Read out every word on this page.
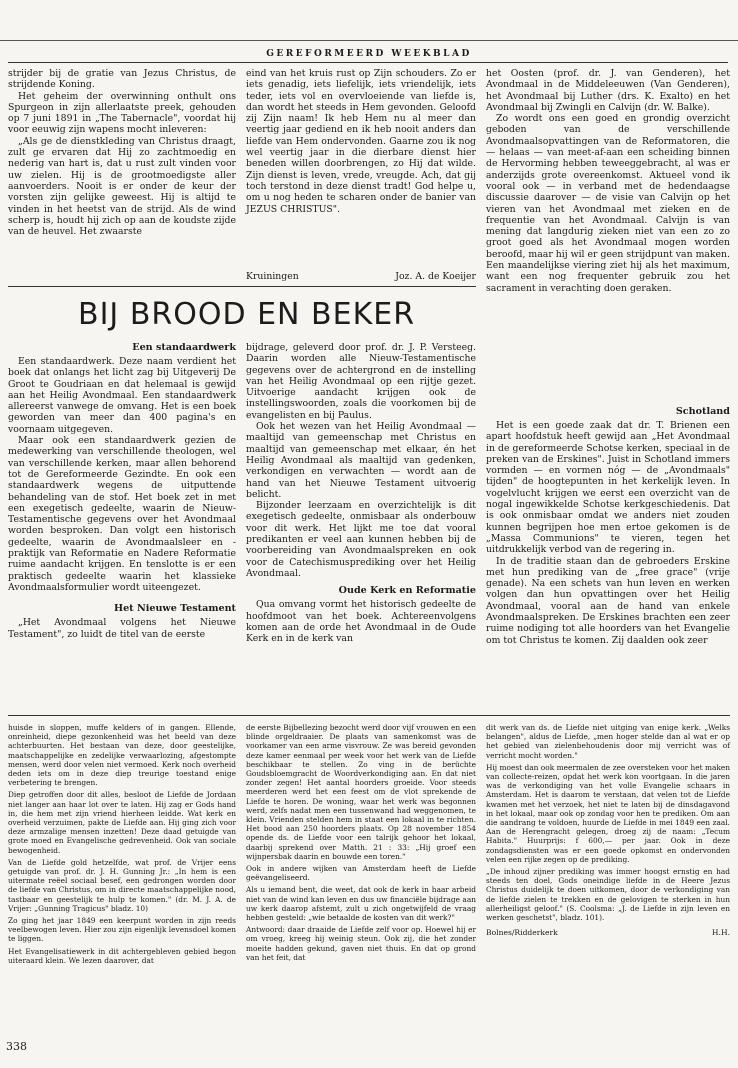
GEREFORMEERD WEEKBLAD

strijder bij de gratie van Jezus Christus, de strijdende Koning.

Het geheim der overwinning onthult ons Spurgeon in zijn allerlaatste preek, gehouden op 7 juni 1891 in „The Tabernacle", voordat hij voor eeuwig zijn wapens mocht inleveren:

„Als ge de dienstkleding van Christus draagt, zult ge ervaren dat Hij zo zachtmoedig en nederig van hart is, dat u rust zult vinden voor uw zielen. Hij is de grootmoedigste aller aanvoerders. Nooit is er onder de keur der vorsten zijn gelijke geweest. Hij is altijd te vinden in het heetst van de strijd. Als de wind scherp is, houdt hij zich op aan de koudste zijde van de heuvel. Het zwaarste

eind van het kruis rust op Zijn schouders. Zo er iets genadig, iets liefelijk, iets vriendelijk, iets teder, iets vol en overvloeiende van liefde is, dan wordt het steeds in Hem gevonden. Geloofd zij Zijn naam! Ik heb Hem nu al meer dan veertig jaar gediend en ik heb nooit anders dan liefde van Hem ondervonden. Gaarne zou ik nog wel veertig jaar in die dierbare dienst hier beneden willen doorbrengen, zo Hij dat wilde. Zijn dienst is leven, vrede, vreugde. Ach, dat gij toch terstond in deze dienst tradt! God helpe u, om u nog heden te scharen onder de banier van JEZUS CHRISTUS".

Kruiningen	Joz. A. de Koeijer

het Oosten (prof. dr. J. van Genderen), het Avondmaal in de Middeleeuwen (Van Genderen), het Avondmaal bij Luther (drs. K. Exalto) en het Avondmaal bij Zwingli en Calvijn (dr. W. Balke).

Zo wordt ons een goed en grondig overzicht geboden van de verschillende Avondmaalsopvattingen van de Reformatoren, die — helaas — van meet-af-aan een scheiding binnen de Hervorming hebben teweeggebracht, al was er anderzijds grote overeenkomst. Aktueel vond ik vooral ook — in verband met de hedendaagse discussie daarover — de visie van Calvijn op het vieren van het Avondmaal met zieken en de frequentie van het Avondmaal. Calvijn is van mening dat langdurig zieken niet van een zo zo groot goed als het Avondmaal mogen worden beroofd, maar hij wil er geen strijdpunt van maken. Een maandelijkse viering ziet hij als het maximum, want een nog frequenter gebruik zou het sacrament in verachting doen geraken.

BIJ BROOD EN BEKER

Een standaardwerk

Een standaardwerk. Deze naam verdient het boek dat onlangs het licht zag bij Uitgeverij De Groot te Goudriaan en dat helemaal is gewijd aan het Heilig Avondmaal. Een standaardwerk allereerst vanwege de omvang. Het is een boek geworden van meer dan 400 pagina's en voornaam uitgegeven.

Maar ook een standaardwerk gezien de medewerking van verschillende theologen, wel van verschillende kerken, maar allen behorend tot de Gereformeerde Gezindte. En ook een standaardwerk wegens de uitputtende behandeling van de stof. Het boek zet in met een exegetisch gedeelte, waarin de Nieuw-Testamentische gegevens over het Avondmaal worden besproken. Dan volgt een historisch gedeelte, waarin de Avondmaalsleer en -praktijk van Reformatie en Nadere Reformatie ruime aandacht krijgen. En tenslotte is er een praktisch gedeelte waarin het klassieke Avondmaalsformulier wordt uiteengezet.

Het Nieuwe Testament

„Het Avondmaal volgens het Nieuwe Testament", zo luidt de titel van de eerste

bijdrage, geleverd door prof. dr. J. P. Versteeg. Daarin worden alle Nieuw-Testamentische gegevens over de achtergrond en de instelling van het Heilig Avondmaal op een rijtje gezet. Uitvoerige aandacht krijgen ook de instellingswoorden, zoals die voorkomen bij de evangelisten en bij Paulus.

Ook het wezen van het Heilig Avondmaal — maaltijd van gemeenschap met Christus en maaltijd van gemeenschap met elkaar, én het Heilig Avondmaal als maaltijd van gedenken, verkondigen en verwachten — wordt aan de hand van het Nieuwe Testament uitvoerig belicht.

Bijzonder leerzaam en overzichtelijk is dit exegetisch gedeelte, onmisbaar als onderbouw voor dit werk. Het lijkt me toe dat vooral predikanten er veel aan kunnen hebben bij de voorbereiding van Avondmaalspreken en ook voor de Catechismusprediking over het Heilig Avondmaal.

Oude Kerk en Reformatie

Qua omvang vormt het historisch gedeelte de hoofdmoot van het boek. Achtereenvolgens komen aan de orde het Avondmaal in de Oude Kerk en in de kerk van

Schotland

Het is een goede zaak dat dr. T. Brienen een apart hoofdstuk heeft gewijd aan „Het Avondmaal in de gereformeerde Schotse kerken, speciaal in de preken van de Erskines". Juist in Schotland immers vormden — en vormen nóg — de „Avondmaals" tijden" de hoogtepunten in het kerkelijk leven. In vogelvlucht krijgen we eerst een overzicht van de nogal ingewikkelde Schotse kerkgeschiedenis. Dat is ook onmisbaar omdat we anders niet zouden kunnen begrijpen hoe men ertoe gekomen is de „Massa Communions" te vieren, tegen het uitdrukkelijk verbod van de regering in.

In de traditie staan dan de gebroeders Erskine met hun prediking van de „free grace" (vrije genade). Na een schets van hun leven en werken volgen dan hun opvattingen over het Heilig Avondmaal, vooral aan de hand van enkele Avondmaalspreken. De Erskines brachten een zeer ruime nodiging tot alle hoorders van het Evangelie om tot Christus te komen. Zij daalden ook zeer

huisde in sloppen, muffe kelders of in gangen. Ellende, onreinheid, diepe gezonkenheid was het beeld van deze achterbuurten. Het bestaan van deze, door geestelijke, maatschappelijke en zedelijke verwaarlozing, afgestompte mensen, werd door velen niet vermoed. Kerk noch overheid deden iets om in deze diep treurige toestand enige verbetering te brengen.

Diep getroffen door dit alles, besloot de Liefde de Jordaan niet langer aan haar lot over te laten. Hij zag er Gods hand in, die hem met zijn vriend hierheen leidde. Wat kerk en overheid verzuimen, pakte de Liefde aan. Hij ging zich voor deze armzalige mensen inzetten! Deze daad getuigde van grote moed en Evangelische gedrevenheid. Ook van sociale bewogenheid.

Van de Liefde gold hetzelfde, wat prof. de Vrijer eens getuigde van prof. dr. J. H. Gunning Jr.: „In hem is een uitermate reëel sociaal besef, een gedrongen worden door de liefde van Christus, om in directe maatschappelijke nood, tastbaar en geestelijk te hulp te komen." (dr. M. J. A. de Vrijer: „Gunning Tragicus" bladz. 10)

Zo ging het jaar 1849 een keerpunt worden in zijn reeds veelbewogen leven. Hier zou zijn eigenlijk levensdoel komen te liggen.

Het Evangelisatiewerk in dit achtergebleven gebied begon uiteraard klein. We lezen daarover, dat

de eerste Bijbellezing bezocht werd door vijf vrouwen en een blinde orgeldraaier. De plaats van samenkomst was de voorkamer van een arme visvrouw. Ze was bereid gevonden deze kamer eenmaal per week voor het werk van de Liefde beschikbaar te stellen. Zo ving in de berüchte Goudsbloemgracht de Woordverkondiging aan. En dat niet zonder zegen! Het aantal hoorders groeide. Voor steeds meerderen werd het een feest om de vlot sprekende de Liefde te horen. De woning, waar het werk was begonnen werd, zelfs nadat men een tussenwand had weggenomen, te klein. Vrienden stelden hem in staat een lokaal in te richten. Het bood aan 250 hoorders plaats. Op 28 november 1854 opende ds. de Liefde voor een talrijk gehoor het lokaal, daarbij sprekend over Matth. 21 : 33: „Hij groef een wijnpersbak daarin en bouwde een toren."

Ook in andere wijken van Amsterdam heeft de Liefde geëvangeliseerd.

Als u iemand bent, die weet, dat ook de kerk in haar arbeid niet van de wind kan leven en dus uw financiële bijdrage aan uw kerk daarop afstemt, zult u zich ongetwijfeld de vraag hebben gesteld: „wie betaalde de kosten van dit werk?"

Antwoord: daar draaide de Liefde zelf voor op. Hoewel hij er om vroeg, kreeg hij weinig steun. Ook zij, die het zonder moeite hadden gekund, gaven niet thuis. En dat op grond van het feit, dat

dit werk van ds. de Liefde niet uitging van enige kerk. „Welks belangen", aldus de Liefde, „men hoger stelde dan al wat er op het gebied van zielenbehoudenis door mij verricht was of verricht mocht worden."

Hij moest dan ook meermalen de zee oversteken voor het maken van collecte-reizen, opdat het werk kon voortgaan. In die jaren was de verkondiging van het volle Evangelie schaars in Amsterdam. Het is daarom te verstaan, dat velen tot de Liefde kwamen met het verzoek, het niet te laten bij de dinsdagavond in het lokaal, maar ook op zondag voor hen te prediken. Om aan die aandrang te voldoen, huurde de Liefde in mei 1849 een zaal. Aan de Herengracht gelegen, droeg zij de naam: „Tecum Habita." Huurprijs: f 600,— per jaar. Ook in deze zondagsdiensten was er een goede opkomst en ondervonden velen een rijke zegen op de prediking.

„De inhoud zijner prediking was immer hoogst ernstig en had steeds ten doel, Gods oneindige liefde in de Heere Jezus Christus duidelijk te doen uitkomen, door de verkondiging van de liefde zielen te trekken en de gelovigen te sterken in hun allerheiligst geloof." (S. Coolsma: „J. de Liefde in zijn leven en werken geschetst", bladz. 101).

Bolnes/Ridderkerk	H.H.
338
